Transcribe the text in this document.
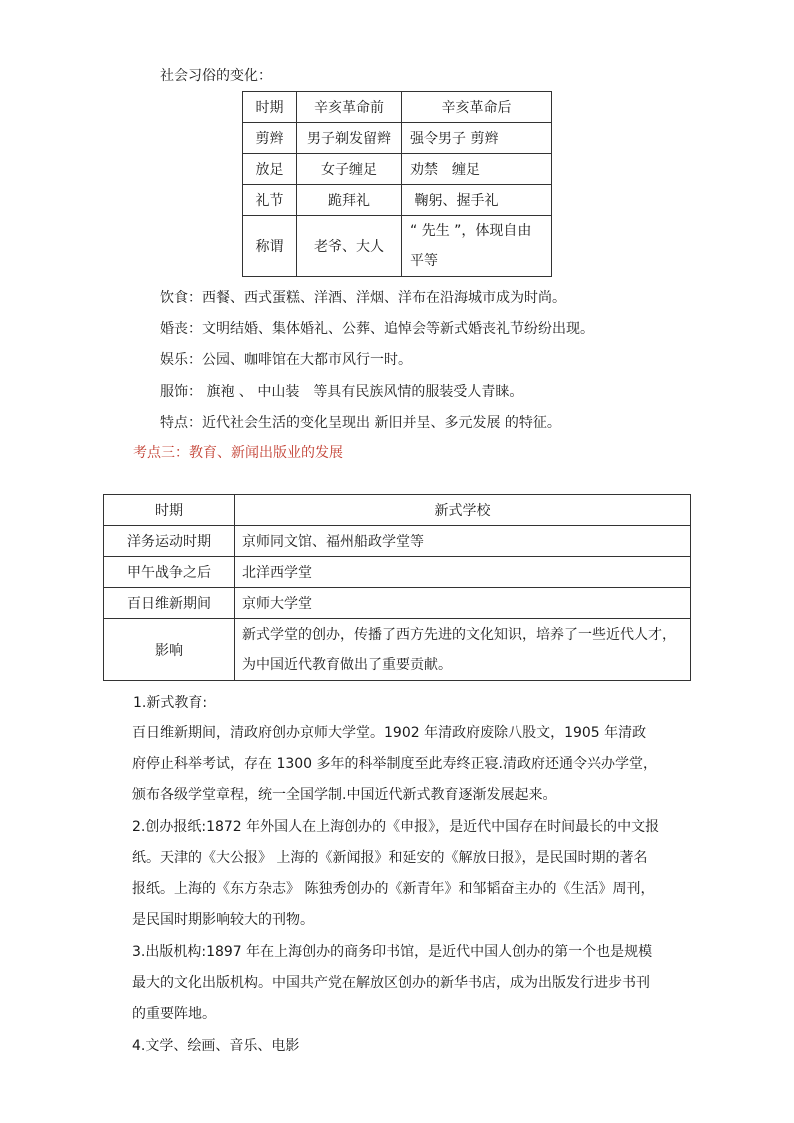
社会习俗的变化：
时期	辛亥革命前	辛亥革命后
剪辫	男子剃发留辫	强令男子 剪辫
放足	女子缠足	劝禁　缠足
礼节	跪拜礼	鞠躬、握手礼
称谓	老爷、大人	“ 先生 ”，体现自由平等
饮食：西餐、西式蛋糕、洋酒、洋烟、洋布在沿海城市成为时尚。
婚丧：文明结婚、集体婚礼、公葬、追悼会等新式婚丧礼节纷纷出现。
娱乐：公园、咖啡馆在大都市风行一时。
服饰： 旗袍 、 中山装　等具有民族风情的服装受人青睐。
特点：近代社会生活的变化呈现出 新旧并呈、多元发展 的特征。
考点三：教育、新闻出版业的发展
时期	新式学校
洋务运动时期	京师同文馆、福州船政学堂等
甲午战争之后	北洋西学堂
百日维新期间	京师大学堂
影响	新式学堂的创办，传播了西方先进的文化知识，培养了一些近代人才，为中国近代教育做出了重要贡献。
1.新式教育:
百日维新期间，清政府创办京师大学堂。1902 年清政府废除八股文，1905 年清政府停止科举考试，存在 1300 多年的科举制度至此寿终正寝.清政府还通令兴办学堂，颁布各级学堂章程，统一全国学制.中国近代新式教育逐渐发展起来。
2.创办报纸:1872 年外国人在上海创办的《申报》，是近代中国存在时间最长的中文报纸。天津的《大公报》 上海的《新闻报》和延安的《解放日报》，是民国时期的著名报纸。上海的《东方杂志》 陈独秀创办的《新青年》和邹韬奋主办的《生活》周刊，是民国时期影响较大的刊物。
3.出版机构:1897 年在上海创办的商务印书馆，是近代中国人创办的第一个也是规模最大的文化出版机构。中国共产党在解放区创办的新华书店，成为出版发行进步书刊的重要阵地。
4.文学、绘画、音乐、电影
